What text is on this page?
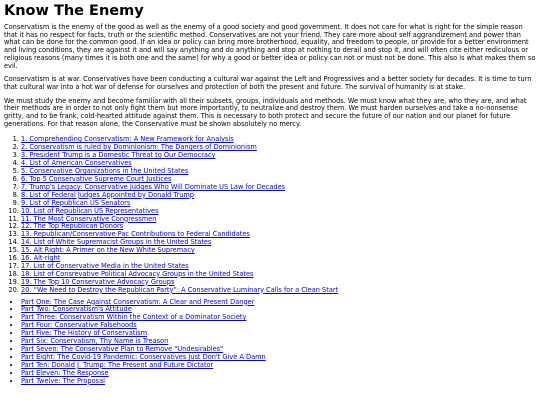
Know The Enemy

Conservatism is the enemy of the good as well as the enemy of a good society and good government. It does not care for what is right for the simple reason that it has no respect for facts, truth or the scientific method. Conservatives are not your friend. They care more about self aggrandizement and power than what can be done for the common good. If an idea or policy can bring more brotherhood, equality, and freedom to people, or provide for a better environment and living conditions, they are against it and will say anything and do anything and stop at nothing to derail and stop it, and will often cite either rediculous or religious reasons (many times it is both one and the same) for why a good or better idea or policy can not or must not be done. This also is what makes them so evil.

Conservatism is at war. Conservatives have been conducting a cultural war against the Left and Progressives and a better society for decades. It is time to turn that cultural war into a hot war of defense for ourselves and protection of both the present and future. The survival of humanity is at stake.

We must study the enemy and become familiar with all their subsets, groups, individuals and methods. We must know what they are, who they are, and what their methods are in order to not only fight them but more importantly, to neutralize and destroy them. We must harden ourselves and take a no-nonsense gritty, and to be frank, cold-hearted attitude against them. This is necessary to both protect and secure the future of our nation and our planet for future generations. For that reason alone, the Conservative must be shown absolutely no mercy.

1. 1. Comprehending Conservatism: A New Framework for Analysis
2. 2. Conservatism is ruled by Dominionism: The Dangers of Dominionism
3. 3. President Trump is a Domestic Threat to Our Democracy
4. 4. List of American Conservatives
5. 5. Conservative Organizations in the United States
6. 6. Top 5 Conservative Supreme Court Justices
7. 7. Trump's Legacy: Conservative Judges Who Will Dominate US Law for Decades
8. 8. List of Federal Judges Appointed by Donald Trump
9. 9. List of Republican US Senators
10. 10. List of Republican US Representatives
11. 11. The Most Conservative Congressmen
12. 12. The Top Republican Donors
13. 13. Republican/Conservative Pac Contributions to Federal Candidates
14. 14. List of White Supremacist Groups in the United States
15. 15. Alt Right: A Primer on the New White Supremacy
16. 16. Alt-right
17. 17. List of Conservative Media in the United States
18. 18. List of Consrevative Political Advocacy Groups in the United States
19. 19. The Top 10 Conservative Advocacy Groups
20. 20. “We Need to Destroy the Republican Party”: A Conservative Luminary Calls for a Clean Start
• Part One: The Case Against Conservatism: A Clear and Present Danger
• Part Two: Conservatism's Attitude
• Part Three: Conservatism Within the Context of a Dominator Society
• Part Four: Conservative Falsehoods
• Part Five: The History of Conservatism
• Part Six: Conservatism, Thy Name is Treason
• Part Seven: The Conservative Plan to Remove "Undesirables"
• Part Eight: The Covid-19 Pandemic: Conservatives Just Don't Give A Damn
• Part Ten: Donald J. Trump: The Present and Future Dictator
• Part Eleven: The Response
• Part Twelve: The Proposal
